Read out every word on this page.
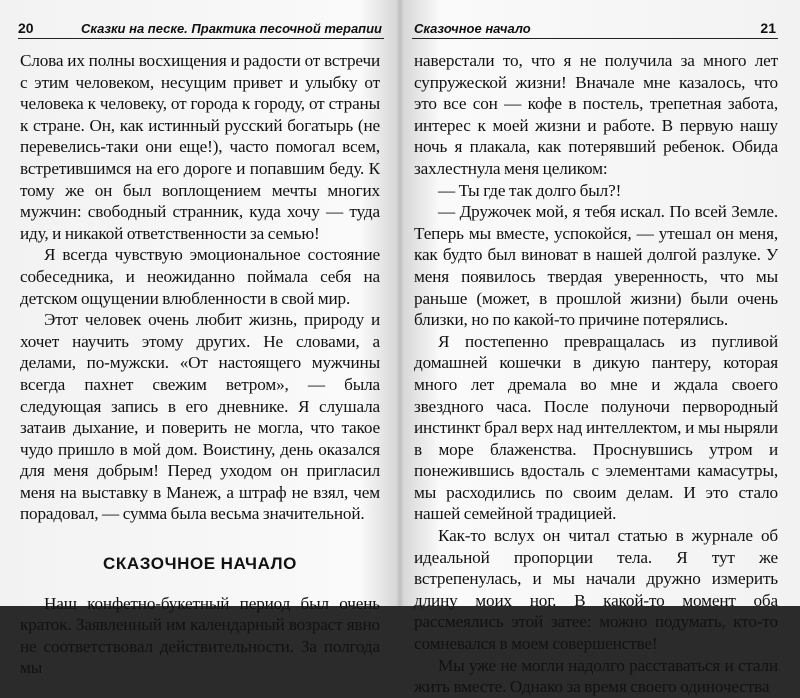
20	Сказки на песке. Практика песочной терапии

Слова их полны восхищения и радости от встречи с этим человеком, несущим привет и улыбку от человека к человеку, от города к городу, от страны к стране. Он, как истинный русский богатырь (не перевелись-таки они еще!), часто помогал всем, встретившимся на его дороге и попавшим беду. К тому же он был воплощением мечты многих мужчин: свободный странник, куда хочу — туда иду, и никакой ответственности за семью!

Я всегда чувствую эмоциональное состояние собеседника, и неожиданно поймала себя на детском ощущении влюбленности в свой мир.

Этот человек очень любит жизнь, природу и хочет научить этому других. Не словами, а делами, по-мужски. «От настоящего мужчины всегда пахнет свежим ветром», — была следующая запись в его дневнике. Я слушала затаив дыхание, и поверить не могла, что такое чудо пришло в мой дом. Воистину, день оказался для меня добрым! Перед уходом он пригласил меня на выставку в Манеж, а штраф не взял, чем порадовал, — сумма была весьма значительной.

СКАЗОЧНОЕ НАЧАЛО

Наш конфетно-букетный период был очень краток. Заявленный им календарный возраст явно не соответствовал действительности. За полгода мы

Сказочное начало	21

наверстали то, что я не получила за много лет супружеской жизни! Вначале мне казалось, что это все сон — кофе в постель, трепетная забота, интерес к моей жизни и работе. В первую нашу ночь я плакала, как потерявший ребенок. Обида захлестнула меня целиком:

— Ты где так долго был?!

— Дружочек мой, я тебя искал. По всей Земле. Теперь мы вместе, успокойся, — утешал он меня, как будто был виноват в нашей долгой разлуке. У меня появилось твердая уверенность, что мы раньше (может, в прошлой жизни) были очень близки, но по какой-то причине потерялись.

Я постепенно превращалась из пугливой домашней кошечки в дикую пантеру, которая много лет дремала во мне и ждала своего звездного часа. После полуночи первородный инстинкт брал верх над интеллектом, и мы ныряли в море блаженства. Проснувшись утром и понежившись вдосталь с элементами камасутры, мы расходились по своим делам. И это стало нашей семейной традицией.

Как-то вслух он читал статью в журнале об идеальной пропорции тела. Я тут же встрепенулась, и мы начали дружно измерить длину моих ног. В какой-то момент оба рассмеялись этой затее: можно подумать, кто-то сомневался в моем совершенстве!

Мы уже не могли надолго расставаться и стали жить вместе. Однако за время своего одиночества
